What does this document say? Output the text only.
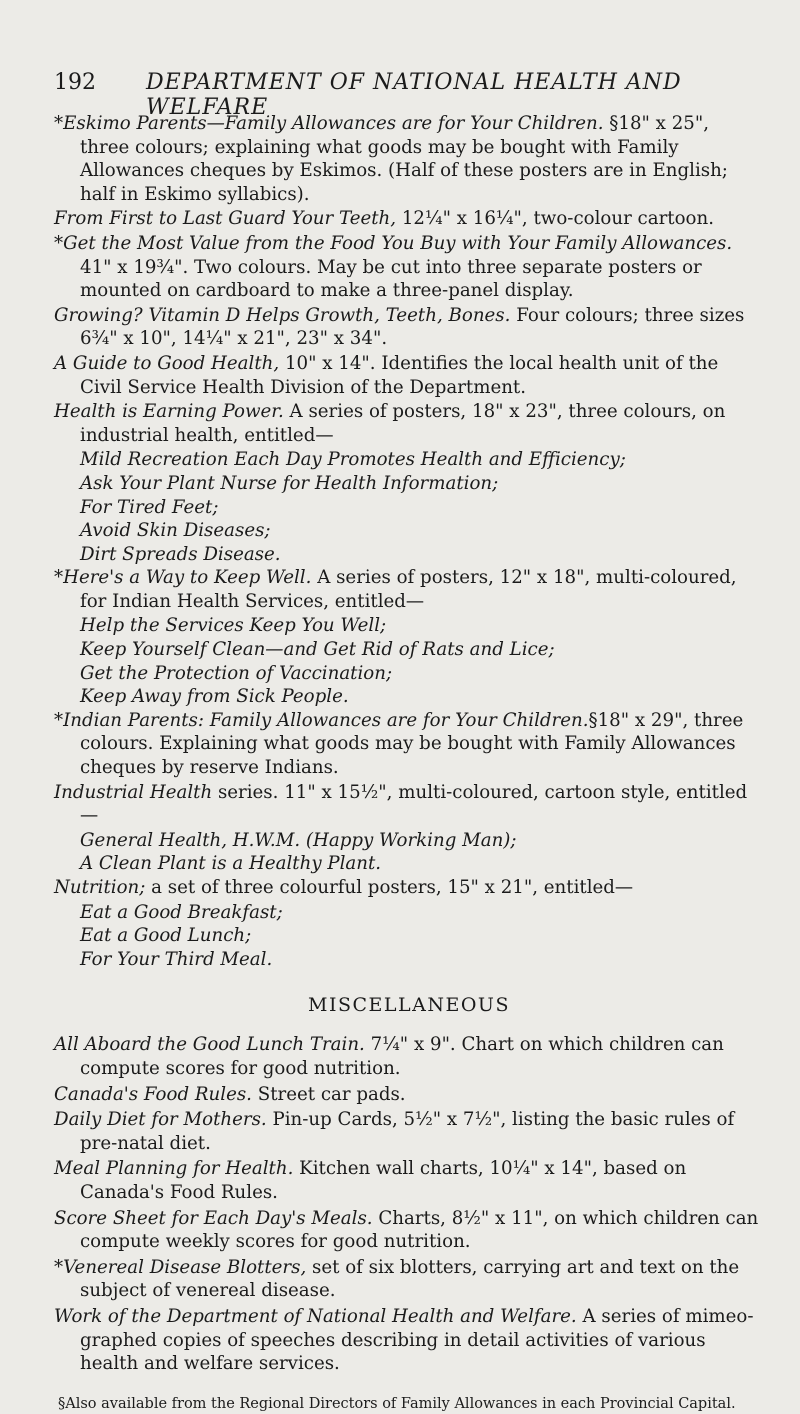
192 DEPARTMENT OF NATIONAL HEALTH AND WELFARE
*Eskimo Parents—Family Allowances are for Your Children. §18" x 25", three colours; explaining what goods may be bought with Family Allowances cheques by Eskimos. (Half of these posters are in English; half in Eskimo syllabics).
From First to Last Guard Your Teeth, 12¼" x 16¼", two-colour cartoon.
*Get the Most Value from the Food You Buy with Your Family Allowances. 41" x 19¾". Two colours. May be cut into three separate posters or mounted on cardboard to make a three-panel display.
Growing? Vitamin D Helps Growth, Teeth, Bones. Four colours; three sizes 6¾" x 10", 14¼" x 21", 23" x 34".
A Guide to Good Health, 10" x 14". Identifies the local health unit of the Civil Service Health Division of the Department.
Health is Earning Power. A series of posters, 18" x 23", three colours, on industrial health, entitled—
Mild Recreation Each Day Promotes Health and Efficiency;
Ask Your Plant Nurse for Health Information;
For Tired Feet;
Avoid Skin Diseases;
Dirt Spreads Disease.
*Here's a Way to Keep Well. A series of posters, 12" x 18", multi-coloured, for Indian Health Services, entitled—
Help the Services Keep You Well;
Keep Yourself Clean—and Get Rid of Rats and Lice;
Get the Protection of Vaccination;
Keep Away from Sick People.
*Indian Parents: Family Allowances are for Your Children.§18" x 29", three colours. Explaining what goods may be bought with Family Allowances cheques by reserve Indians.
Industrial Health series. 11" x 15½", multi-coloured, cartoon style, entitled—
General Health, H.W.M. (Happy Working Man);
A Clean Plant is a Healthy Plant.
Nutrition; a set of three colourful posters, 15" x 21", entitled—
Eat a Good Breakfast;
Eat a Good Lunch;
For Your Third Meal.
MISCELLANEOUS
All Aboard the Good Lunch Train. 7¼" x 9". Chart on which children can compute scores for good nutrition.
Canada's Food Rules. Street car pads.
Daily Diet for Mothers. Pin-up Cards, 5½" x 7½", listing the basic rules of pre-natal diet.
Meal Planning for Health. Kitchen wall charts, 10¼" x 14", based on Canada's Food Rules.
Score Sheet for Each Day's Meals. Charts, 8½" x 11", on which children can compute weekly scores for good nutrition.
*Venereal Disease Blotters, set of six blotters, carrying art and text on the subject of venereal disease.
Work of the Department of National Health and Welfare. A series of mimeo-graphed copies of speeches describing in detail activities of various health and welfare services.
§Also available from the Regional Directors of Family Allowances in each Provincial Capital.
